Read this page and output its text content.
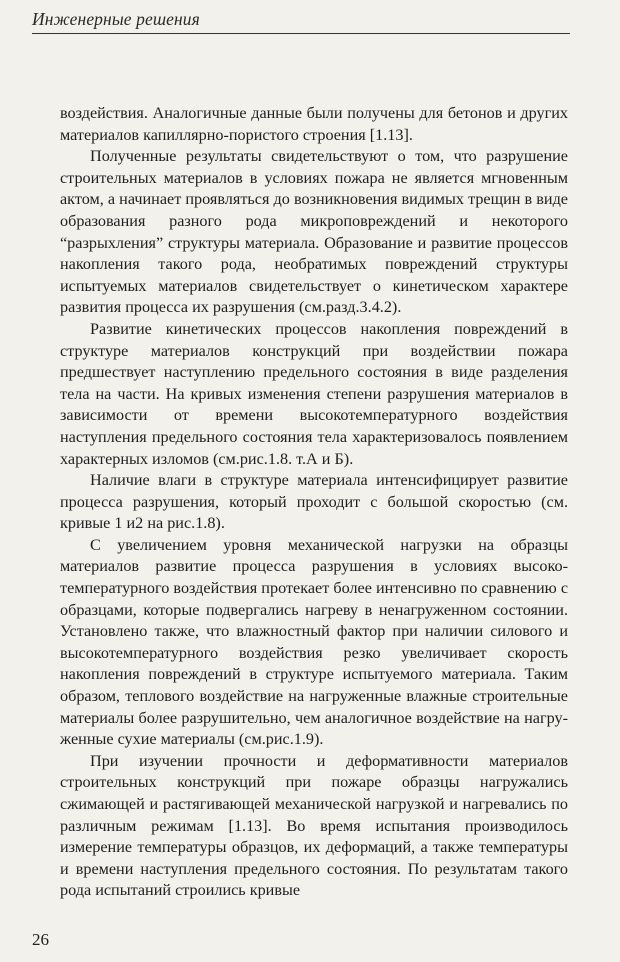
Инженерные решения

воздействия. Аналогичные данные были получены для бетонов и других материалов капиллярно-пористого строения [1.13].

Полученные результаты свидетельствуют о том, что разрушение строительных материалов в условиях пожара не является мгновенным актом, а начинает проявляться до возникновения видимых трещин в виде образования разного рода микроповреждений и некоторого “разрыхления” структуры материала. Образование и развитие процессов накопления такого рода, необратимых повреждений структуры испытуемых материалов свидетельствует о кинетическом характере развития процесса их разрушения (см.разд.3.4.2).

Развитие кинетических процессов накопления повреждений в структуре материалов конструкций при воздействии пожара предшествует наступлению предельного состояния в виде разделения тела на части. На кривых изменения степени разрушения материалов в зависимости от времени высокотемпературного воздействия наступления предельного состояния тела характеризовалось появлением характерных изломов (см.рис.1.8. т.А и Б).

Наличие влаги в структуре материала интенсифицирует развитие процесса разрушения, который проходит с большой скоростью (см. кривые 1 и2 на рис.1.8).

С увеличением уровня механической нагрузки на образцы материалов развитие процесса разрушения в условиях высокотемпературного воздействия протекает более интенсивно по сравнению с образцами, которые подвергались нагреву в ненагруженном состоянии. Установлено также, что влажностный фактор при наличии силового и высокотемпературного воздействия резко увеличивает скорость накопления повреждений в структуре испытуемого материала. Таким образом, теплового воздействие на нагруженные влажные строительные материалы более разрушительно, чем аналогичное воздействие на нагруженные сухие материалы (см.рис.1.9).

При изучении прочности и деформативности материалов строительных конструкций при пожаре образцы нагружались сжимающей и растягивающей механической нагрузкой и нагревались по различным режимам [1.13]. Во время испытания производилось измерение температуры образцов, их деформаций, а также температуры и времени наступления предельного состояния. По результатам такого рода испытаний строились кривые

26
